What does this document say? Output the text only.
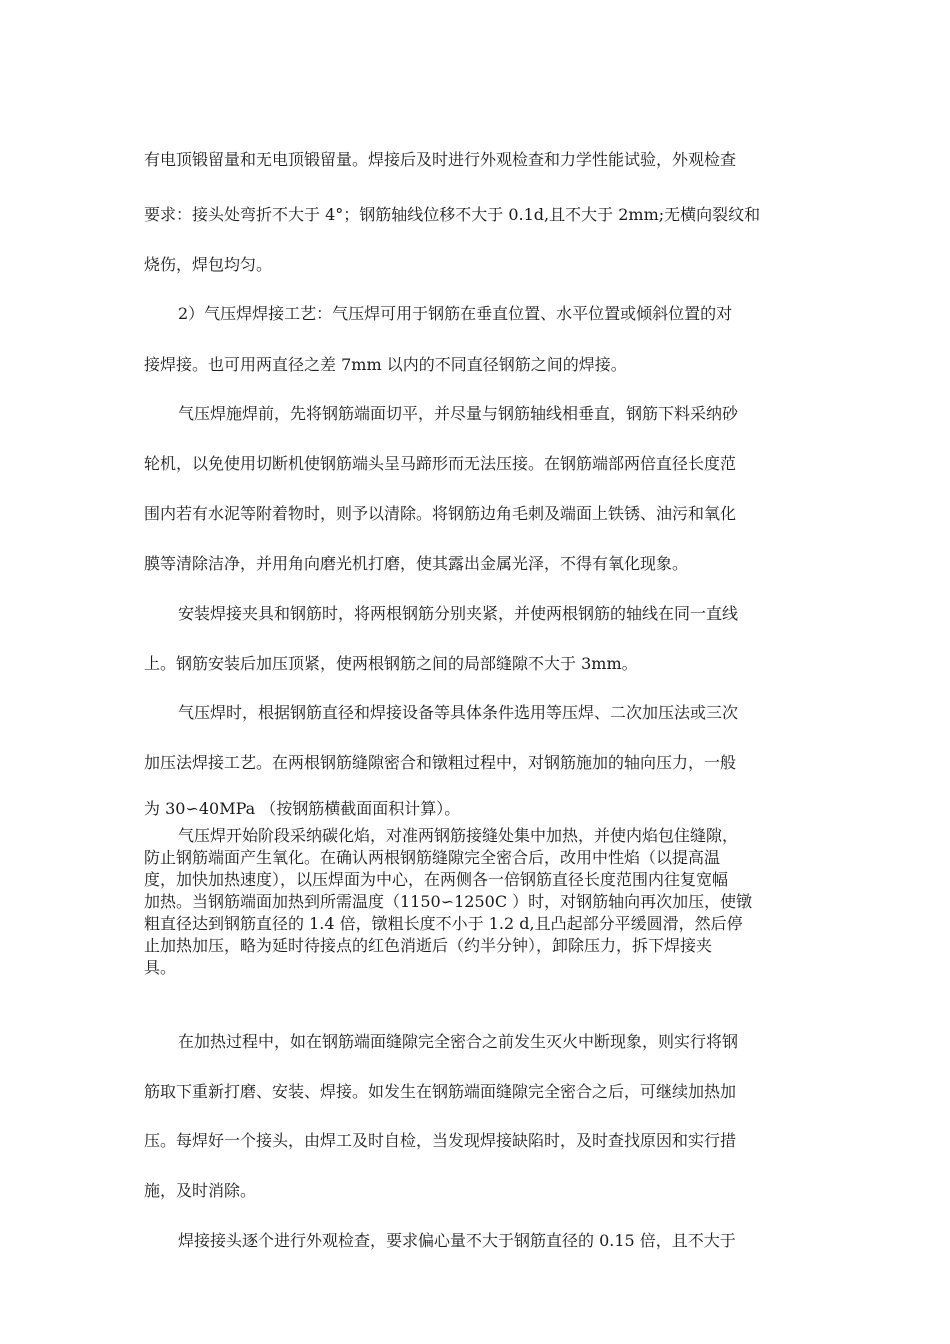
有电顶锻留量和无电顶锻留量。焊接后及时进行外观检查和力学性能试验，外观检查
要求：接头处弯折不大于 4°；钢筋轴线位移不大于 0.1d,且不大于 2mm;无横向裂纹和
烧伤，焊包均匀。
2）气压焊焊接工艺：气压焊可用于钢筋在垂直位置、水平位置或倾斜位置的对
接焊接。也可用两直径之差 7mm 以内的不同直径钢筋之间的焊接。
气压焊施焊前，先将钢筋端面切平，并尽量与钢筋轴线相垂直，钢筋下料采纳砂
轮机，以免使用切断机使钢筋端头呈马蹄形而无法压接。在钢筋端部两倍直径长度范
围内若有水泥等附着物时，则予以清除。将钢筋边角毛刺及端面上铁锈、油污和氧化
膜等清除洁净，并用角向磨光机打磨，使其露出金属光泽，不得有氧化现象。
安装焊接夹具和钢筋时，将两根钢筋分别夹紧，并使两根钢筋的轴线在同一直线
上。钢筋安装后加压顶紧，使两根钢筋之间的局部缝隙不大于 3mm。
气压焊时，根据钢筋直径和焊接设备等具体条件选用等压焊、二次加压法或三次
加压法焊接工艺。在两根钢筋缝隙密合和镦粗过程中，对钢筋施加的轴向压力，一般
为 30∽40MPa （按钢筋横截面面积计算）。
气压焊开始阶段采纳碳化焰，对准两钢筋接缝处集中加热，并使内焰包住缝隙，
防止钢筋端面产生氧化。在确认两根钢筋缝隙完全密合后，改用中性焰（以提高温
度，加快加热速度），以压焊面为中心，在两侧各一倍钢筋直径长度范围内往复宽幅
加热。当钢筋端面加热到所需温度（1150∽1250C ）时，对钢筋轴向再次加压，使镦
粗直径达到钢筋直径的 1.4 倍，镦粗长度不小于 1.2 d,且凸起部分平缓圆滑，然后停
止加热加压，略为延时待接点的红色消逝后（约半分钟），卸除压力，拆下焊接夹
具。
在加热过程中，如在钢筋端面缝隙完全密合之前发生灭火中断现象，则实行将钢
筋取下重新打磨、安装、焊接。如发生在钢筋端面缝隙完全密合之后，可继续加热加
压。每焊好一个接头，由焊工及时自检，当发现焊接缺陷时，及时查找原因和实行措
施，及时消除。
焊接接头逐个进行外观检查，要求偏心量不大于钢筋直径的 0.15 倍，且不大于
